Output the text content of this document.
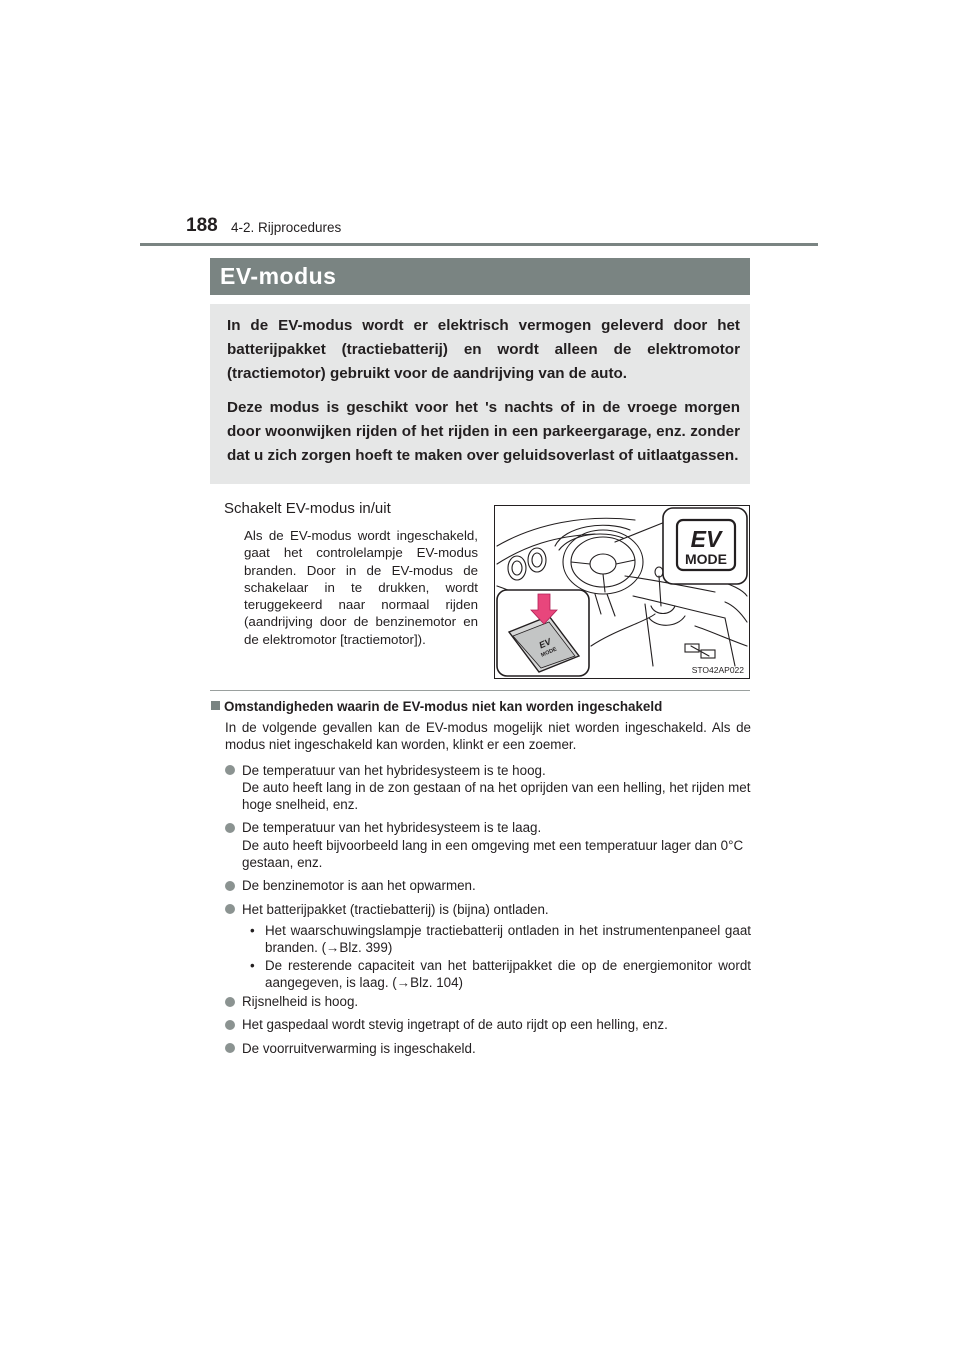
188 4-2. Rijprocedures
EV-modus

In de EV-modus wordt er elektrisch vermogen geleverd door het batterijpakket (tractiebatterij) en wordt alleen de elektromotor (tractiemotor) gebruikt voor de aandrijving van de auto.

Deze modus is geschikt voor het 's nachts of in de vroege morgen door woonwijken rijden of het rijden in een parkeergarage, enz. zonder dat u zich zorgen hoeft te maken over geluidsoverlast of uitlaatgassen.

Schakelt EV-modus in/uit
Als de EV-modus wordt ingeschakeld, gaat het controlelampje EV-modus branden. Door in de EV-modus de schakelaar in te drukken, wordt teruggekeerd naar normaal rijden (aandrijving door de benzinemotor en de elektromotor [tractiemotor]).
EV
MODE
EV
MODE
STO42AP022
Omstandigheden waarin de EV-modus niet kan worden ingeschakeld

In de volgende gevallen kan de EV-modus mogelijk niet worden ingeschakeld. Als de modus niet ingeschakeld kan worden, klinkt er een zoemer.

De temperatuur van het hybridesysteem is te hoog.

De auto heeft lang in de zon gestaan of na het oprijden van een helling, het rijden met hoge snelheid, enz.

De temperatuur van het hybridesysteem is te laag.

De auto heeft bijvoorbeeld lang in een omgeving met een temperatuur lager dan 0°C gestaan, enz.

De benzinemotor is aan het opwarmen.

Het batterijpakket (tractiebatterij) is (bijna) ontladen.

• Het waarschuwingslampje tractiebatterij ontladen in het instrumentenpaneel gaat branden. (→Blz. 399)

• De resterende capaciteit van het batterijpakket die op de energiemonitor wordt aangegeven, is laag. (→Blz. 104)

Rijsnelheid is hoog.

Het gaspedaal wordt stevig ingetrapt of de auto rijdt op een helling, enz.

De voorruitverwarming is ingeschakeld.
